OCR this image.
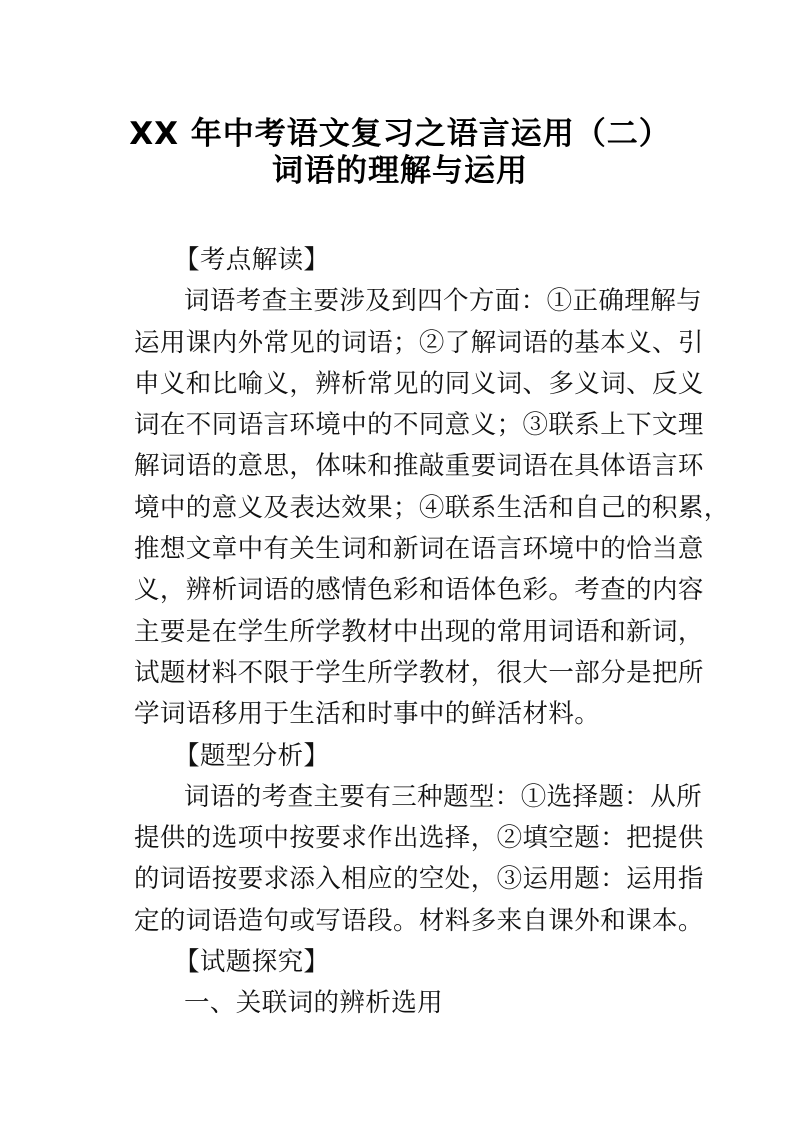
XX 年中考语文复习之语言运用（二）
词语的理解与运用
【考点解读】
词语考查主要涉及到四个方面：①正确理解与
运用课内外常见的词语；②了解词语的基本义、引
申义和比喻义，辨析常见的同义词、多义词、反义
词在不同语言环境中的不同意义；③联系上下文理
解词语的意思，体味和推敲重要词语在具体语言环
境中的意义及表达效果；④联系生活和自己的积累，
推想文章中有关生词和新词在语言环境中的恰当意
义，辨析词语的感情色彩和语体色彩。考查的内容
主要是在学生所学教材中出现的常用词语和新词，
试题材料不限于学生所学教材，很大一部分是把所
学词语移用于生活和时事中的鲜活材料。
【题型分析】
词语的考查主要有三种题型：①选择题：从所
提供的选项中按要求作出选择，②填空题：把提供
的词语按要求添入相应的空处，③运用题：运用指
定的词语造句或写语段。材料多来自课外和课本。
【试题探究】
一、关联词的辨析选用
